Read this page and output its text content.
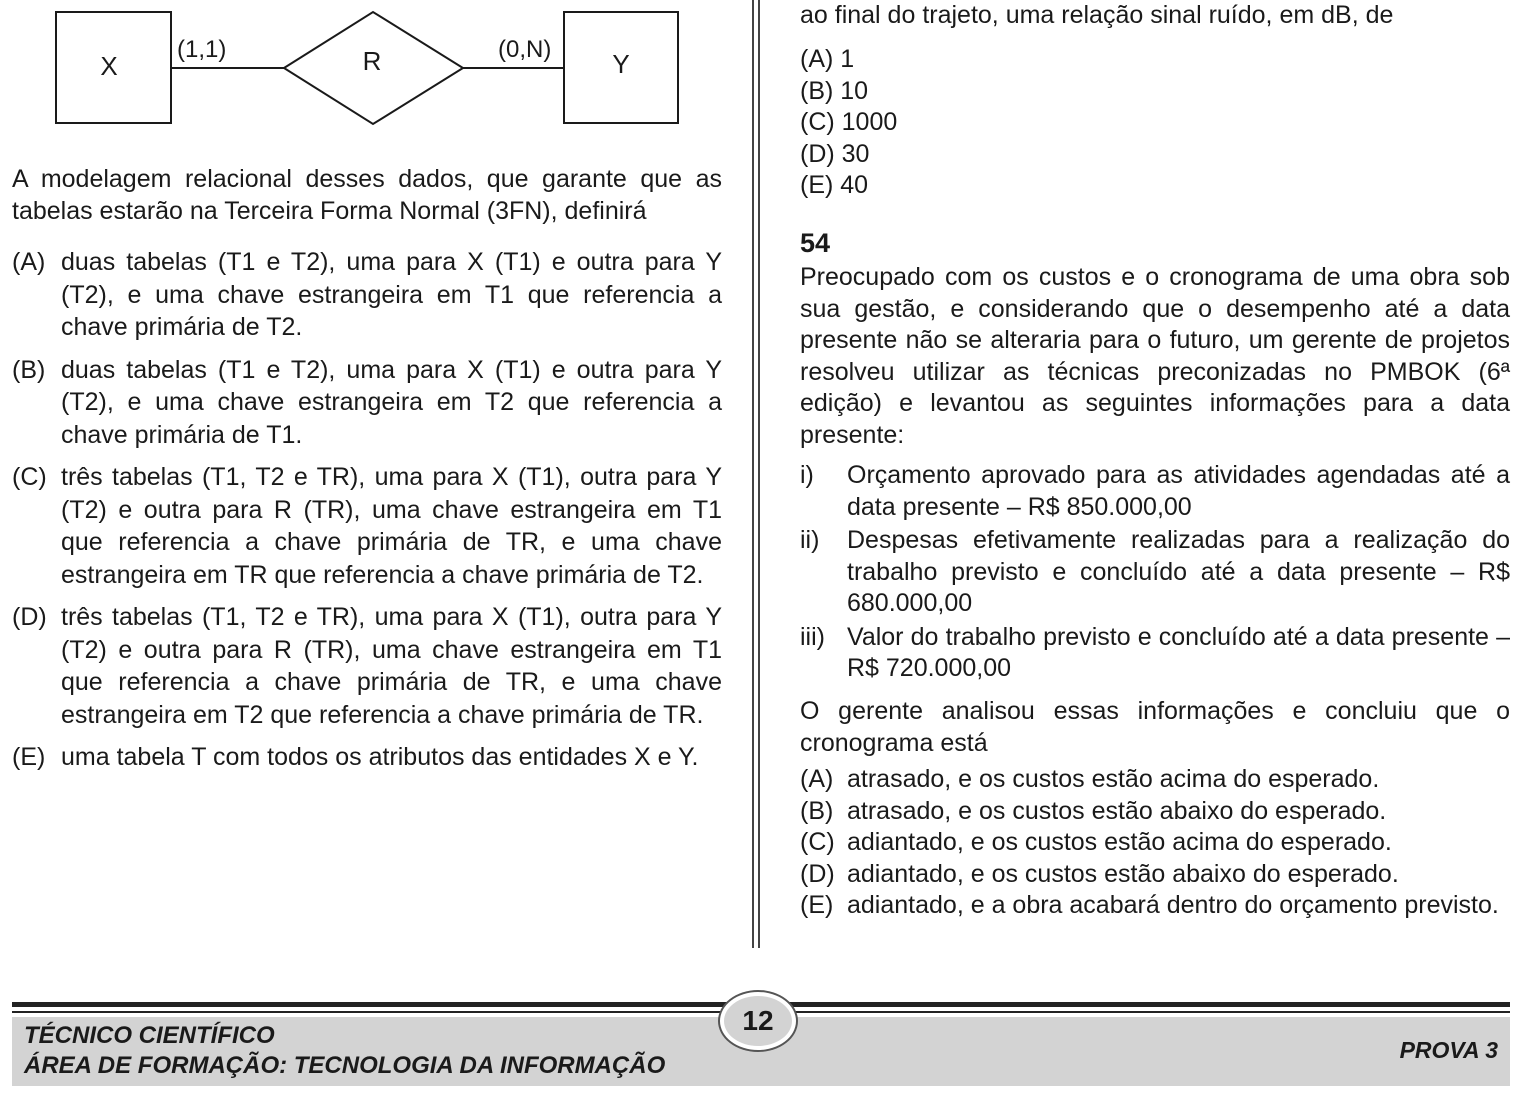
X
(1,1)	R	(0,N) Y

A modelagem relacional desses dados, que garante que as tabelas estarão na Terceira Forma Normal (3FN), definirá

(A) duas tabelas (T1 e T2), uma para X (T1) e outra para Y (T2), e uma chave estrangeira em T1 que referencia a chave primária de T2.
(B) duas tabelas (T1 e T2), uma para X (T1) e outra para Y (T2), e uma chave estrangeira em T2 que referencia a chave primária de T1.
(C) três tabelas (T1, T2 e TR), uma para X (T1), outra para Y (T2) e outra para R (TR), uma chave estrangeira em T1 que referencia a chave primária de TR, e uma chave estrangeira em TR que referencia a chave primária de T2.
(D) três tabelas (T1, T2 e TR), uma para X (T1), outra para Y (T2) e outra para R (TR), uma chave estrangeira em T1 que referencia a chave primária de TR, e uma chave estrangeira em T2 que referencia a chave primária de TR.
(E) uma tabela T com todos os atributos das entidades X e Y.

ao final do trajeto, uma relação sinal ruído, em dB, de

(A) 1
(B) 10
(C) 1000
(D) 30
(E) 40
54

Preocupado com os custos e o cronograma de uma obra sob sua gestão, e considerando que o desempenho até a data presente não se alteraria para o futuro, um gerente de projetos resolveu utilizar as técnicas preconizadas no PMBOK (6ª edição) e levantou as seguintes informações para a data presente:

i)	Orçamento aprovado para as atividades agendadas até a data presente – R$ 850.000,00
ii)	Despesas efetivamente realizadas para a realização do trabalho previsto e concluído até a data presente – R$ 680.000,00
iii) Valor do trabalho previsto e concluído até a data presente – R$ 720.000,00

O gerente analisou essas informações e concluiu que o cronograma está

(A) atrasado, e os custos estão acima do esperado.
(B) atrasado, e os custos estão abaixo do esperado.
(C) adiantado, e os custos estão acima do esperado.
(D) adiantado, e os custos estão abaixo do esperado.
(E) adiantado, e a obra acabará dentro do orçamento previsto.
TÉCNICO CIENTÍFICO
ÁREA DE FORMAÇÃO: TECNOLOGIA DA INFORMAÇÃO
PROVA 3
12
